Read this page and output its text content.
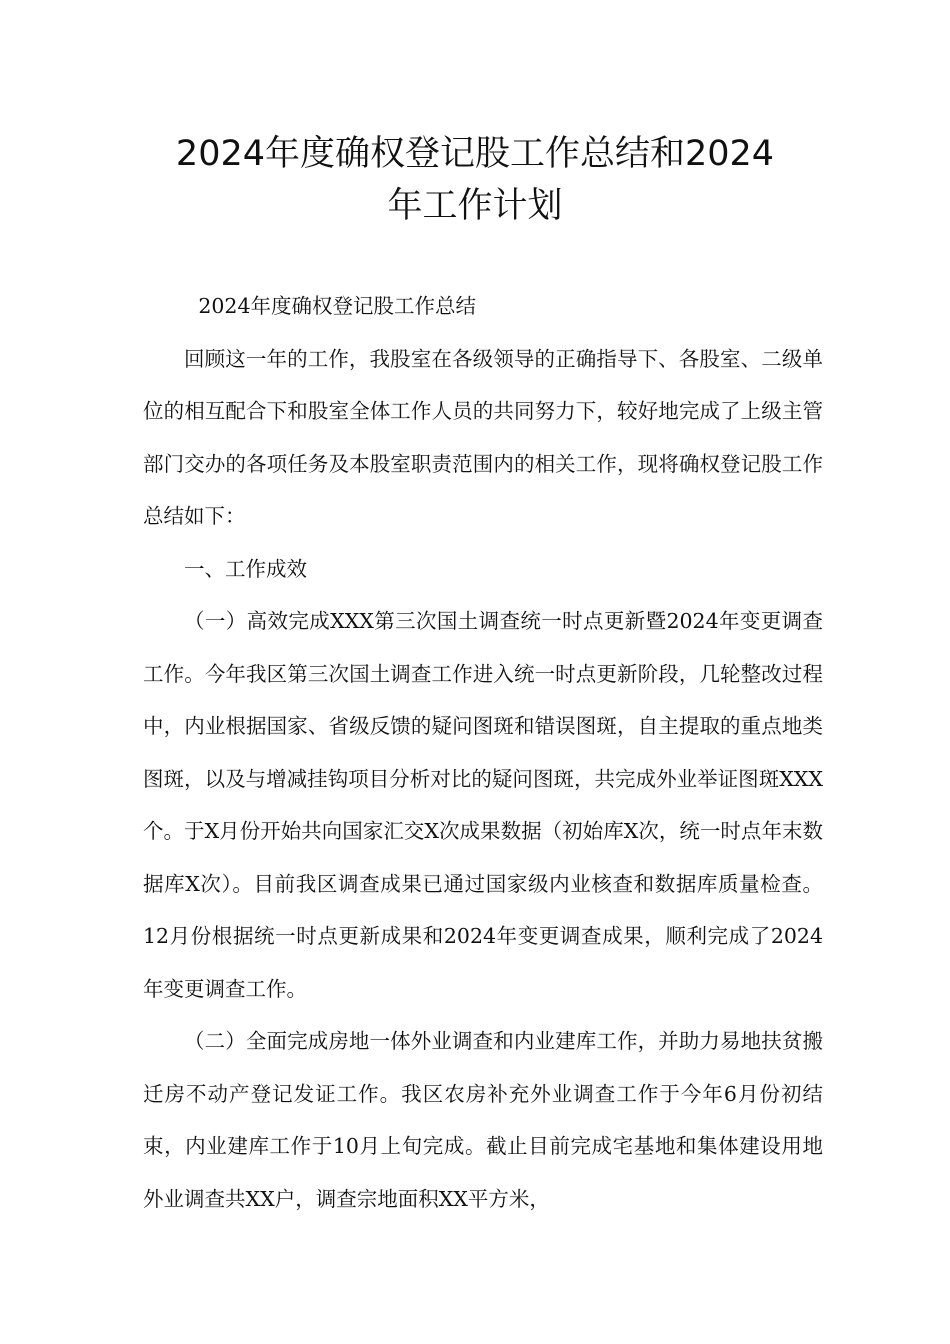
2024年度确权登记股工作总结和2024
年工作计划

2024年度确权登记股工作总结

回顾这一年的工作，我股室在各级领导的正确指导下、各股室、二级单位的相互配合下和股室全体工作人员的共同努力下，较好地完成了上级主管部门交办的各项任务及本股室职责范围内的相关工作，现将确权登记股工作总结如下：

一、工作成效

（一）高效完成XXX第三次国土调查统一时点更新暨2024年变更调查工作。今年我区第三次国土调查工作进入统一时点更新阶段，几轮整改过程中，内业根据国家、省级反馈的疑问图斑和错误图斑，自主提取的重点地类图斑，以及与增减挂钩项目分析对比的疑问图斑，共完成外业举证图斑XXX个。于X月份开始共向国家汇交X次成果数据（初始库X次，统一时点年末数据库X次）。目前我区调查成果已通过国家级内业核查和数据库质量检查。12月份根据统一时点更新成果和2024年变更调查成果，顺利完成了2024年变更调查工作。

（二）全面完成房地一体外业调查和内业建库工作，并助力易地扶贫搬迁房不动产登记发证工作。我区农房补充外业调查工作于今年6月份初结束，内业建库工作于10月上旬完成。截止目前完成宅基地和集体建设用地外业调查共XX户，调查宗地面积XX平方米，
